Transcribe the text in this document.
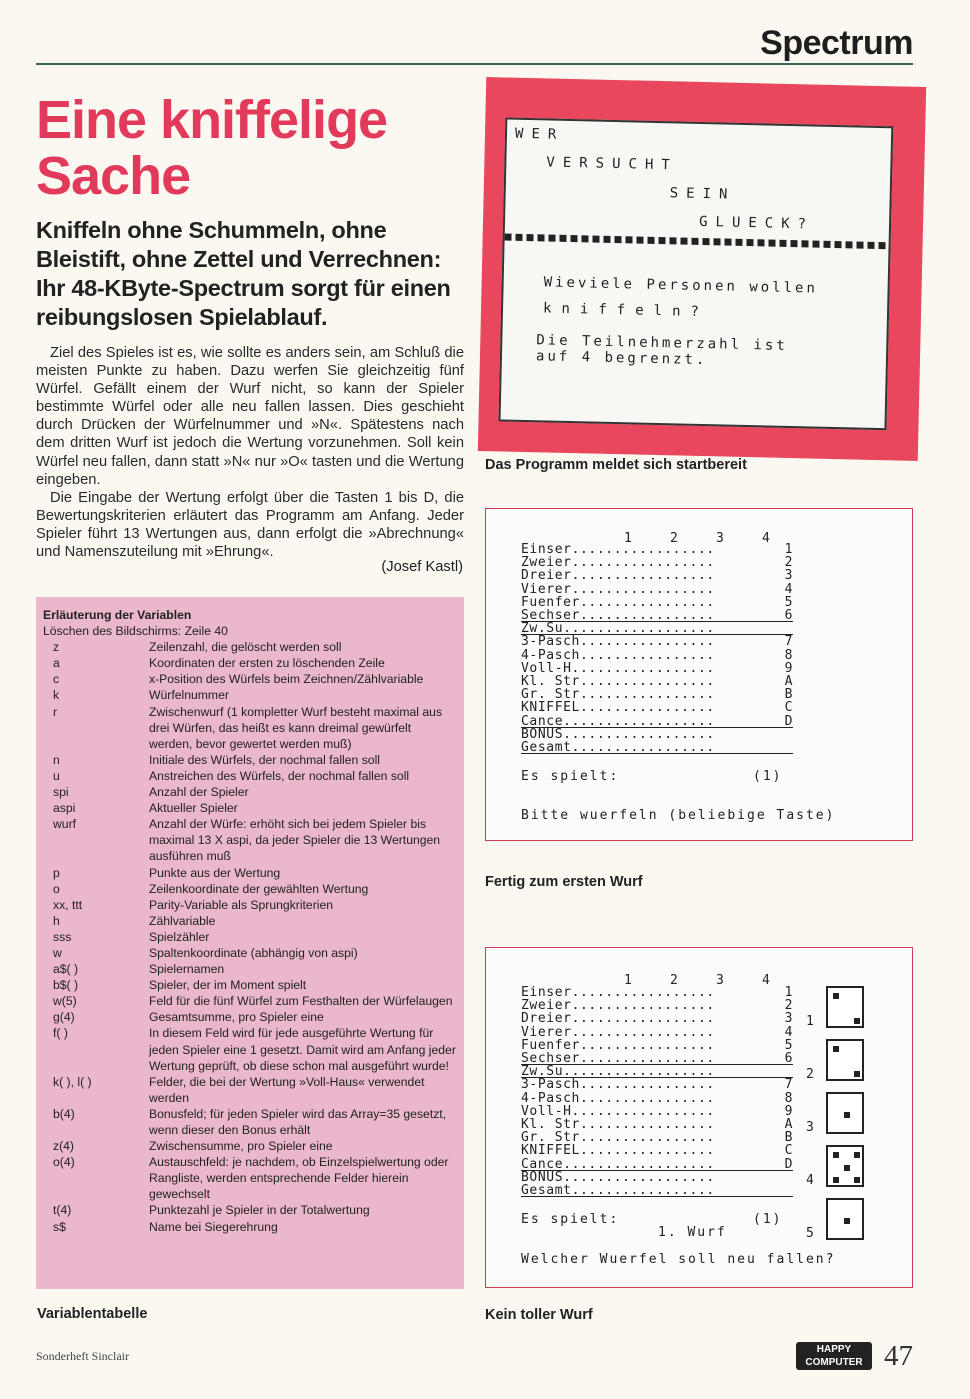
Spectrum
Eine kniffelige
Sache
Kniffeln ohne Schummeln, ohne Bleistift, ohne Zettel und Verrechnen: Ihr 48-KByte-Spectrum sorgt für einen reibungslosen Spielablauf.

Ziel des Spieles ist es, wie sollte es anders sein, am Schluß die meisten Punkte zu haben. Dazu werfen Sie gleichzeitig fünf Würfel. Gefällt einem der Wurf nicht, so kann der Spieler bestimmte Würfel oder alle neu fallen lassen. Dies geschieht durch Drücken der Würfelnummer und »N«. Spätestens nach dem dritten Wurf ist jedoch die Wertung vorzunehmen. Soll kein Würfel neu fallen, dann statt »N« nur »O« tasten und die Wertung eingeben.

Die Eingabe der Wertung erfolgt über die Tasten 1 bis D, die Bewertungskriterien erläutert das Programm am Anfang. Jeder Spieler führt 13 Wertungen aus, dann erfolgt die »Abrechnung« und Namenszuteilung mit »Ehrung«.

(Josef Kastl)
Erläuterung der Variablen
Löschen des Bildschirms: Zeile 40
z	Zeilenzahl, die gelöscht werden soll
a	Koordinaten der ersten zu löschenden Zeile
c	x-Position des Würfels beim Zeichnen/Zählvariable
k	Würfelnummer
r	Zwischenwurf (1 kompletter Wurf besteht maximal aus drei Würfen, das heißt es kann dreimal gewürfelt werden, bevor gewertet werden muß)
n	Initiale des Würfels, der nochmal fallen soll
u	Anstreichen des Würfels, der nochmal fallen soll
spi	Anzahl der Spieler
aspi	Aktueller Spieler
wurf	Anzahl der Würfe: erhöht sich bei jedem Spieler bis maximal 13 X aspi, da jeder Spieler die 13 Wertungen ausführen muß
p	Punkte aus der Wertung
o	Zeilenkoordinate der gewählten Wertung
xx, ttt	Parity-Variable als Sprungkriterien
h	Zählvariable
sss	Spielzähler
w	Spaltenkoordinate (abhängig von aspi)
a$( )	Spielernamen
b$( )	Spieler, der im Moment spielt
w(5)	Feld für die fünf Würfel zum Festhalten der Würfelaugen
g(4)	Gesamtsumme, pro Spieler eine
f( )	In diesem Feld wird für jede ausgeführte Wertung für jeden Spieler eine 1 gesetzt. Damit wird am Anfang jeder Wertung geprüft, ob diese schon mal ausgeführt wurde!
k( ), l( )	Felder, die bei der Wertung »Voll-Haus« verwendet werden
b(4)	Bonusfeld; für jeden Spieler wird das Array=35 gesetzt, wenn dieser den Bonus erhält
z(4)	Zwischensumme, pro Spieler eine
o(4)	Austauschfeld: je nachdem, ob Einzelspielwertung oder Rangliste, werden entsprechende Felder hierein gewechselt
t(4)	Punktezahl je Spieler in der Totalwertung
s$	Name bei Siegerehrung
Variablentabelle
WER
VERSUCHT
SEIN
GLUECK?
Wieviele Personen wollen
kniffeln?
Die Teilnehmerzahl ist
auf 4 begrenzt.
Das Programm meldet sich startbereit
1	2	3	4
Einser.................	1
Zweier.................	2
Dreier.................	3
Vierer.................	4
Fuenfer................	5
Sechser................	6
Zw.Su..................
3-Pasch................	7
4-Pasch................	8
Voll-H.................	9
Kl. Str................	A
Gr. Str................	B
KNIFFEL................	C
Cance..................	D
BONUS..................
Gesamt.................
Es spielt:	(1)
Bitte wuerfeln (beliebige Taste)
Fertig zum ersten Wurf
1	2	3	4
Einser.................	1
Zweier.................	2
Dreier.................	3
Vierer.................	4
Fuenfer................	5
Sechser................	6
Zw.Su..................
3-Pasch................	7
4-Pasch................	8
Voll-H.................	9
Kl. Str................	A
Gr. Str................	B
KNIFFEL................	C
Cance..................	D
BONUS..................
Gesamt.................
Es spielt:	(1)
1. Wurf
Welcher Wuerfel soll neu fallen?
1
2
3
4
5
Kein toller Wurf
Sonderheft Sinclair	HAPPY COMPUTER 47
